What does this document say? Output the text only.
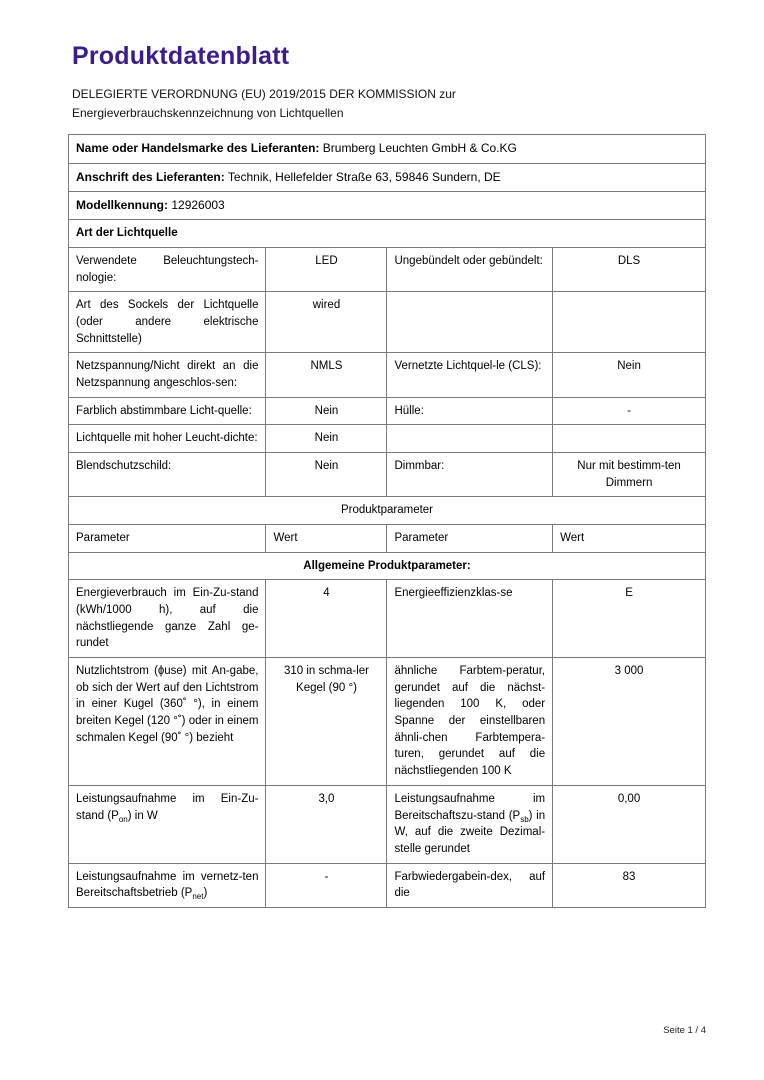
Produktdatenblatt
DELEGIERTE VERORDNUNG (EU) 2019/2015 DER KOMMISSION zur
Energieverbrauchskennzeichnung von Lichtquellen
Name oder Handelsmarke des Lieferanten: Brumberg Leuchten GmbH & Co.KG			
Anschrift des Lieferanten: Technik, Hellefelder Straße 63, 59846 Sundern, DE			
Modellkennung: 12926003			
Art der Lichtquelle			
Verwendete Beleuchtungstech-nologie:	LED	Ungebündelt oder gebündelt:	DLS
Art des Sockels der Lichtquelle (oder andere elektrische Schnittstelle)	wired		
Netzspannung/Nicht direkt an die Netzspannung angeschlos-sen:	NMLS	Vernetzte Lichtquel-le (CLS):	Nein
Farblich abstimmbare Licht-quelle:	Nein	Hülle:	-
Lichtquelle mit hoher Leucht-dichte:	Nein		
Blendschutzschild:	Nein	Dimmbar:	Nur mit bestimm-ten Dimmern
Produktparameter			
Parameter	Wert	Parameter	Wert
Allgemeine Produktparameter:			
Energieverbrauch im Ein-Zu-stand (kWh/1000 h), auf die nächstliegende ganze Zahl ge-rundet	4	Energieeffizienzklas-se	E
Nutzlichtstrom (ɸuse) mit An-gabe, ob sich der Wert auf den Lichtstrom in einer Kugel (360˚ °), in einem breiten Kegel (120 °˚) oder in einem schmalen Kegel (90˚ °) bezieht	310 in schma-ler Kegel (90 °)	ähnliche Farbtem-peratur, gerundet auf die nächst-liegenden 100 K, oder Spanne der einstellbaren ähnli-chen Farbtempera-turen, gerundet auf die nächstliegenden 100 K	3 000
Leistungsaufnahme im Ein-Zu-stand $(P_{on})$ in W	3,0	Leistungsaufnahme im Bereitschaftszu-stand $(P_{sb})$ in W, auf die zweite Dezimal-stelle gerundet	0,00
Leistungsaufnahme im vernetz-ten Bereitschaftsbetrieb $(P_{net})$	-	Farbwiedergabein-dex, auf die	83
Seite 1 / 4
